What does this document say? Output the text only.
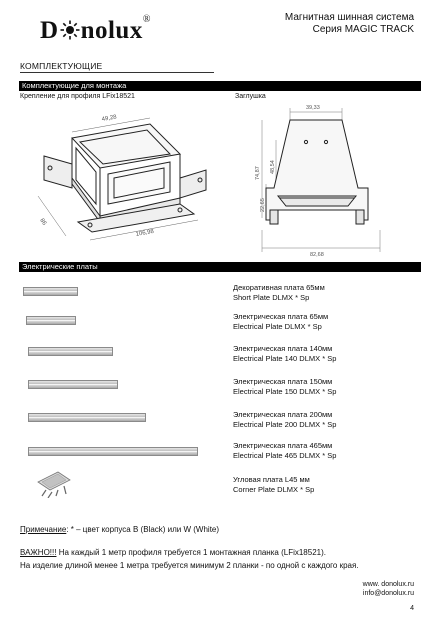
D nolux®	Магнитная шинная система
Серия MAGIC TRACK
КОМПЛЕКТУЮЩИЕ
Комплектующие для монтажа
Крепление для профиля LFix18521	Заглушка
49,28
86
106,98
39,33
74,87 48,54
22,65
82,68
Электрические платы
Декоративная плата 65мм
Short Plate DLMX * Sp
Электрическая плата 65мм
Electrical Plate DLMX * Sp
Электрическая плата 140мм
Electrical Plate 140 DLMX * Sp
Электрическая плата 150мм
Electrical Plate 150 DLMX * Sp
Электрическая плата 200мм
Electrical Plate 200 DLMX * Sp
Электрическая плата 465мм
Electrical Plate 465 DLMX * Sp
Угловая плата L45 мм
Corner Plate DLMX * Sp
Примечание: * – цвет корпуса B (Black) или W (White)
ВАЖНО!!! На каждый 1 метр профиля требуется 1 монтажная планка (LFix18521).
На изделие длиной менее 1 метра требуется минимум 2 планки - по одной с каждого края.
www. donolux.ru
info@donolux.ru
4
